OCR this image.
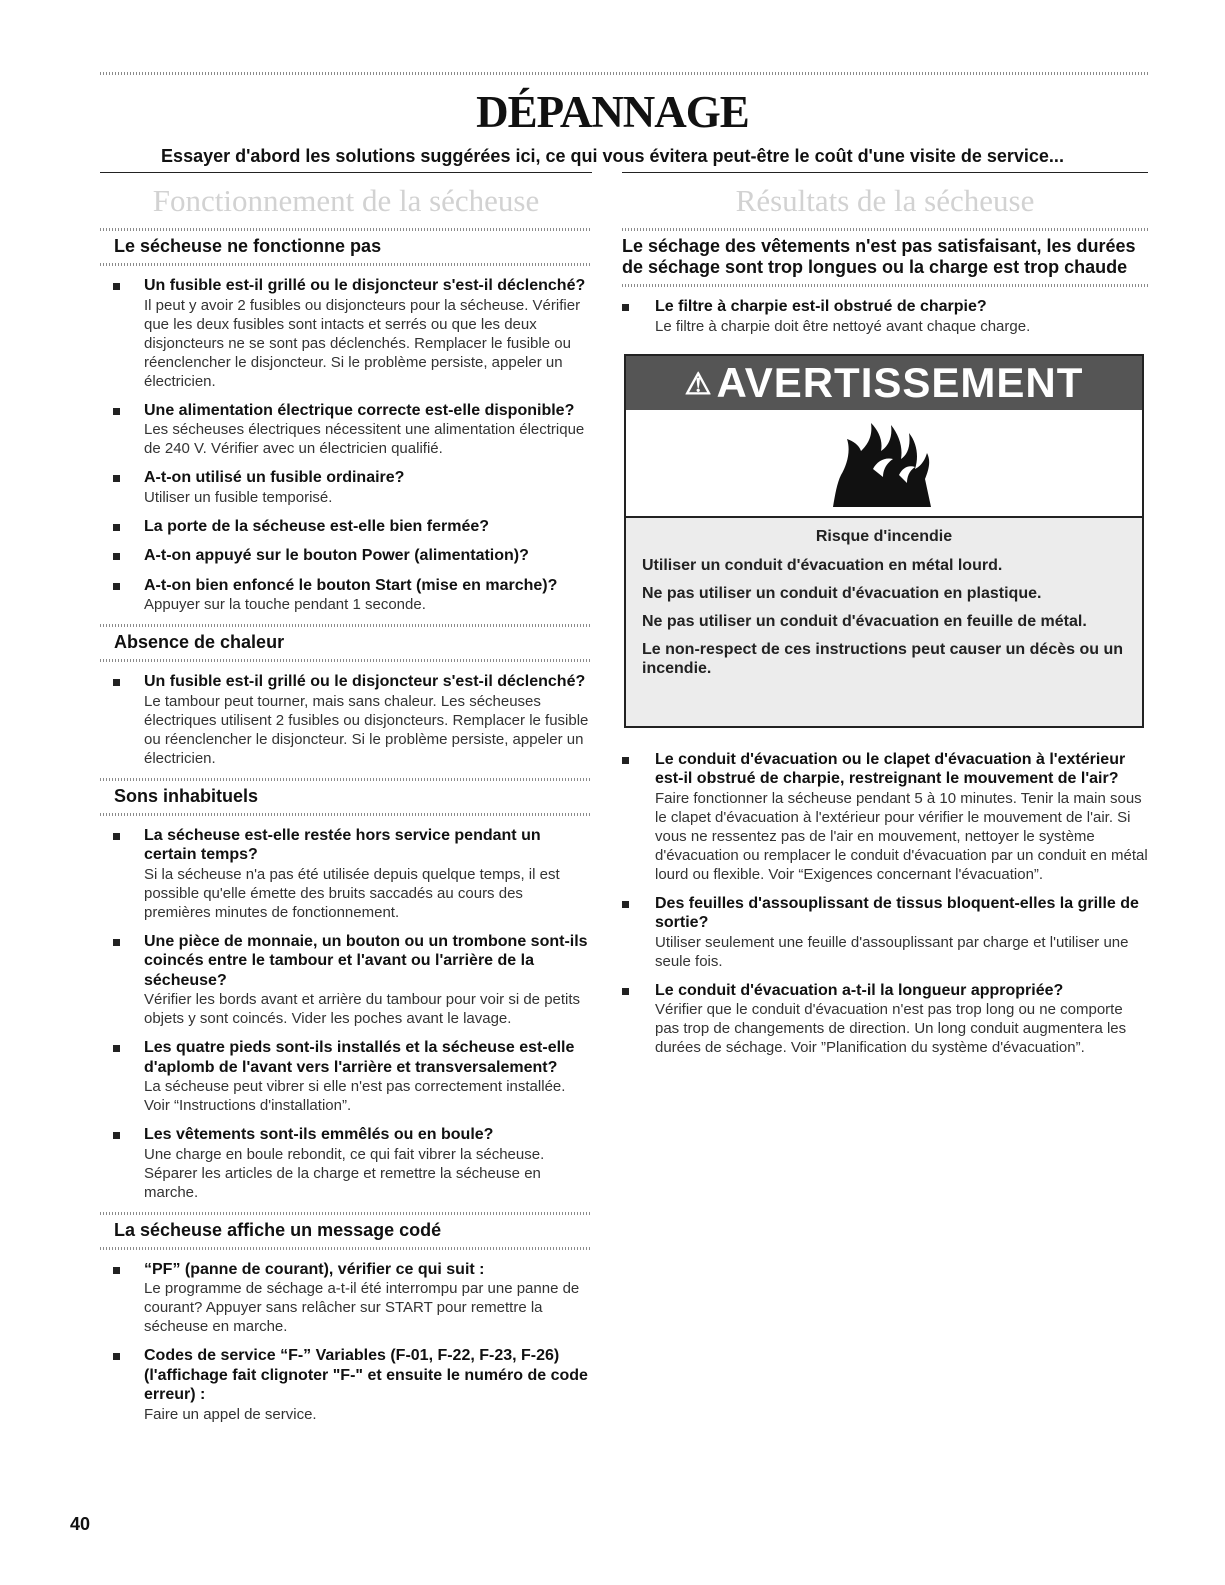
DÉPANNAGE
Essayer d'abord les solutions suggérées ici, ce qui vous évitera peut-être le coût d'une visite de service...
Fonctionnement de la sécheuse
Le sécheuse ne fonctionne pas
Un fusible est-il grillé ou le disjoncteur s'est-il déclenché?
Il peut y avoir 2 fusibles ou disjoncteurs pour la sécheuse. Vérifier que les deux fusibles sont intacts et serrés ou que les deux disjoncteurs ne se sont pas déclenchés. Remplacer le fusible ou réenclencher le disjoncteur. Si le problème persiste, appeler un électricien.
Une alimentation électrique correcte est-elle disponible?
Les sécheuses électriques nécessitent une alimentation électrique de 240 V. Vérifier avec un électricien qualifié.
A-t-on utilisé un fusible ordinaire?
Utiliser un fusible temporisé.
La porte de la sécheuse est-elle bien fermée?
A-t-on appuyé sur le bouton Power (alimentation)?
A-t-on bien enfoncé le bouton Start (mise en marche)?
Appuyer sur la touche pendant 1 seconde.
Absence de chaleur
Un fusible est-il grillé ou le disjoncteur s'est-il déclenché?
Le tambour peut tourner, mais sans chaleur. Les sécheuses électriques utilisent 2 fusibles ou disjoncteurs. Remplacer le fusible ou réenclencher le disjoncteur. Si le problème persiste, appeler un électricien.
Sons inhabituels
La sécheuse est-elle restée hors service pendant un certain temps?
Si la sécheuse n'a pas été utilisée depuis quelque temps, il est possible qu'elle émette des bruits saccadés au cours des premières minutes de fonctionnement.
Une pièce de monnaie, un bouton ou un trombone sont-ils coincés entre le tambour et l'avant ou l'arrière de la sécheuse?
Vérifier les bords avant et arrière du tambour pour voir si de petits objets y sont coincés. Vider les poches avant le lavage.
Les quatre pieds sont-ils installés et la sécheuse est-elle d'aplomb de l'avant vers l'arrière et transversalement?
La sécheuse peut vibrer si elle n'est pas correctement installée. Voir “Instructions d'installation”.
Les vêtements sont-ils emmêlés ou en boule?
Une charge en boule rebondit, ce qui fait vibrer la sécheuse. Séparer les articles de la charge et remettre la sécheuse en marche.
La sécheuse affiche un message codé
“PF” (panne de courant), vérifier ce qui suit :
Le programme de séchage a-t-il été interrompu par une panne de courant? Appuyer sans relâcher sur START pour remettre la sécheuse en marche.
Codes de service “F-” Variables (F-01, F-22, F-23, F-26) (l'affichage fait clignoter "F-" et ensuite le numéro de code erreur) :
Faire un appel de service.
Résultats de la sécheuse
Le séchage des vêtements n'est pas satisfaisant, les durées de séchage sont trop longues ou la charge est trop chaude
Le filtre à charpie est-il obstrué de charpie?
Le filtre à charpie doit être nettoyé avant chaque charge.
⚠AVERTISSEMENT
Risque d'incendie
Utiliser un conduit d'évacuation en métal lourd.
Ne pas utiliser un conduit d'évacuation en plastique.
Ne pas utiliser un conduit d'évacuation en feuille de métal.
Le non-respect de ces instructions peut causer un décès ou un incendie.
Le conduit d'évacuation ou le clapet d'évacuation à l'extérieur est-il obstrué de charpie, restreignant le mouvement de l'air?
Faire fonctionner la sécheuse pendant 5 à 10 minutes. Tenir la main sous le clapet d'évacuation à l'extérieur pour vérifier le mouvement de l'air. Si vous ne ressentez pas de l'air en mouvement, nettoyer le système d'évacuation ou remplacer le conduit d'évacuation par un conduit en métal lourd ou flexible. Voir “Exigences concernant l'évacuation”.
Des feuilles d'assouplissant de tissus bloquent-elles la grille de sortie?
Utiliser seulement une feuille d'assouplissant par charge et l'utiliser une seule fois.
Le conduit d'évacuation a-t-il la longueur appropriée?
Vérifier que le conduit d'évacuation n'est pas trop long ou ne comporte pas trop de changements de direction. Un long conduit augmentera les durées de séchage. Voir ”Planification du système d'évacuation”.
40
